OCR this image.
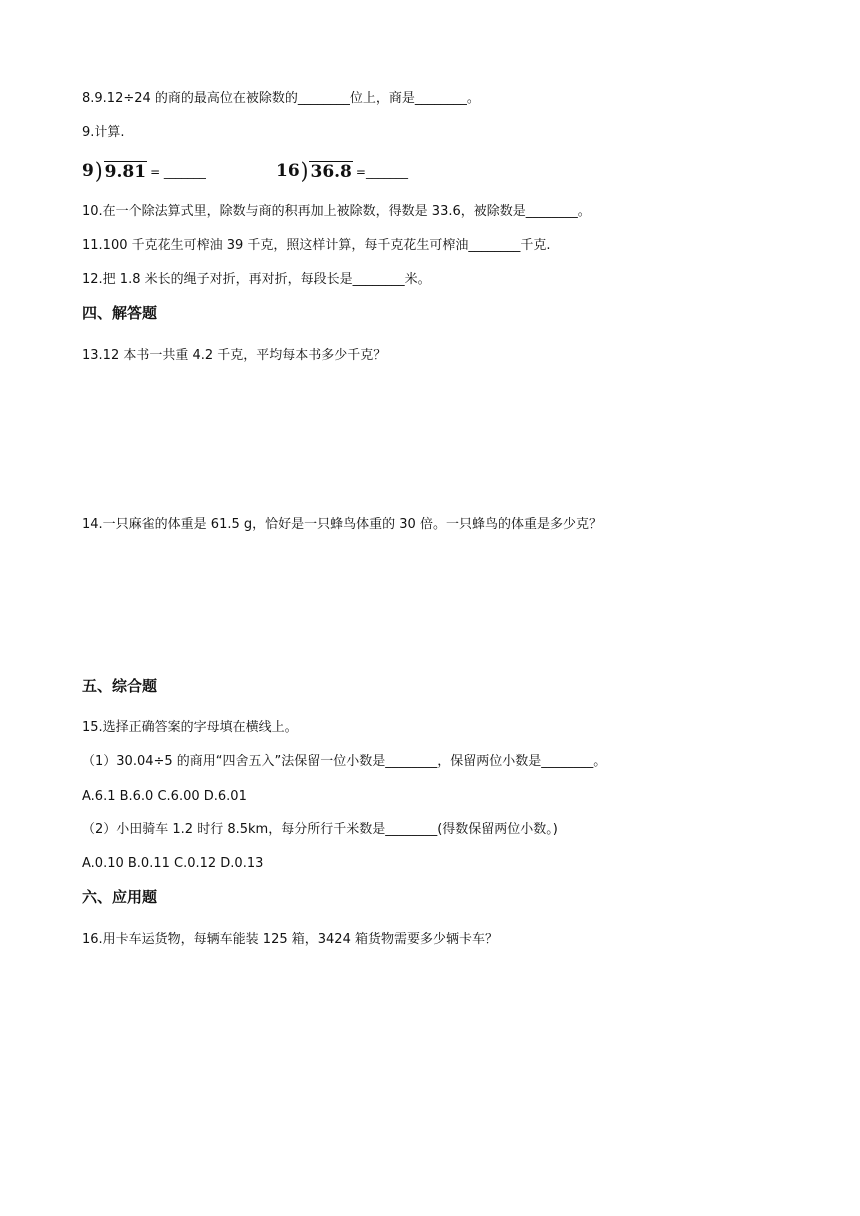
8.9.12÷24 的商的最高位在被除数的________位上，商是________。
9.计算.
9 ) 9.81 = _______	16 ) 36.8 =_______
10.在一个除法算式里，除数与商的积再加上被除数，得数是 33.6，被除数是________。
11.100 千克花生可榨油 39 千克，照这样计算，每千克花生可榨油________千克.
12.把 1.8 米长的绳子对折，再对折，每段长是________米。
四、解答题
13.12 本书一共重 4.2 千克，平均每本书多少千克？
14.一只麻雀的体重是 61.5 g，恰好是一只蜂鸟体重的 30 倍。一只蜂鸟的体重是多少克？
五、综合题
15.选择正确答案的字母填在横线上。
（1）30.04÷5 的商用“四舍五入”法保留一位小数是________，保留两位小数是________。
A.6.1 B.6.0 C.6.00 D.6.01
（2）小田骑车 1.2 时行 8.5km，每分所行千米数是________(得数保留两位小数。)
A.0.10 B.0.11 C.0.12 D.0.13
六、应用题
16.用卡车运货物，每辆车能装 125 箱，3424 箱货物需要多少辆卡车？
